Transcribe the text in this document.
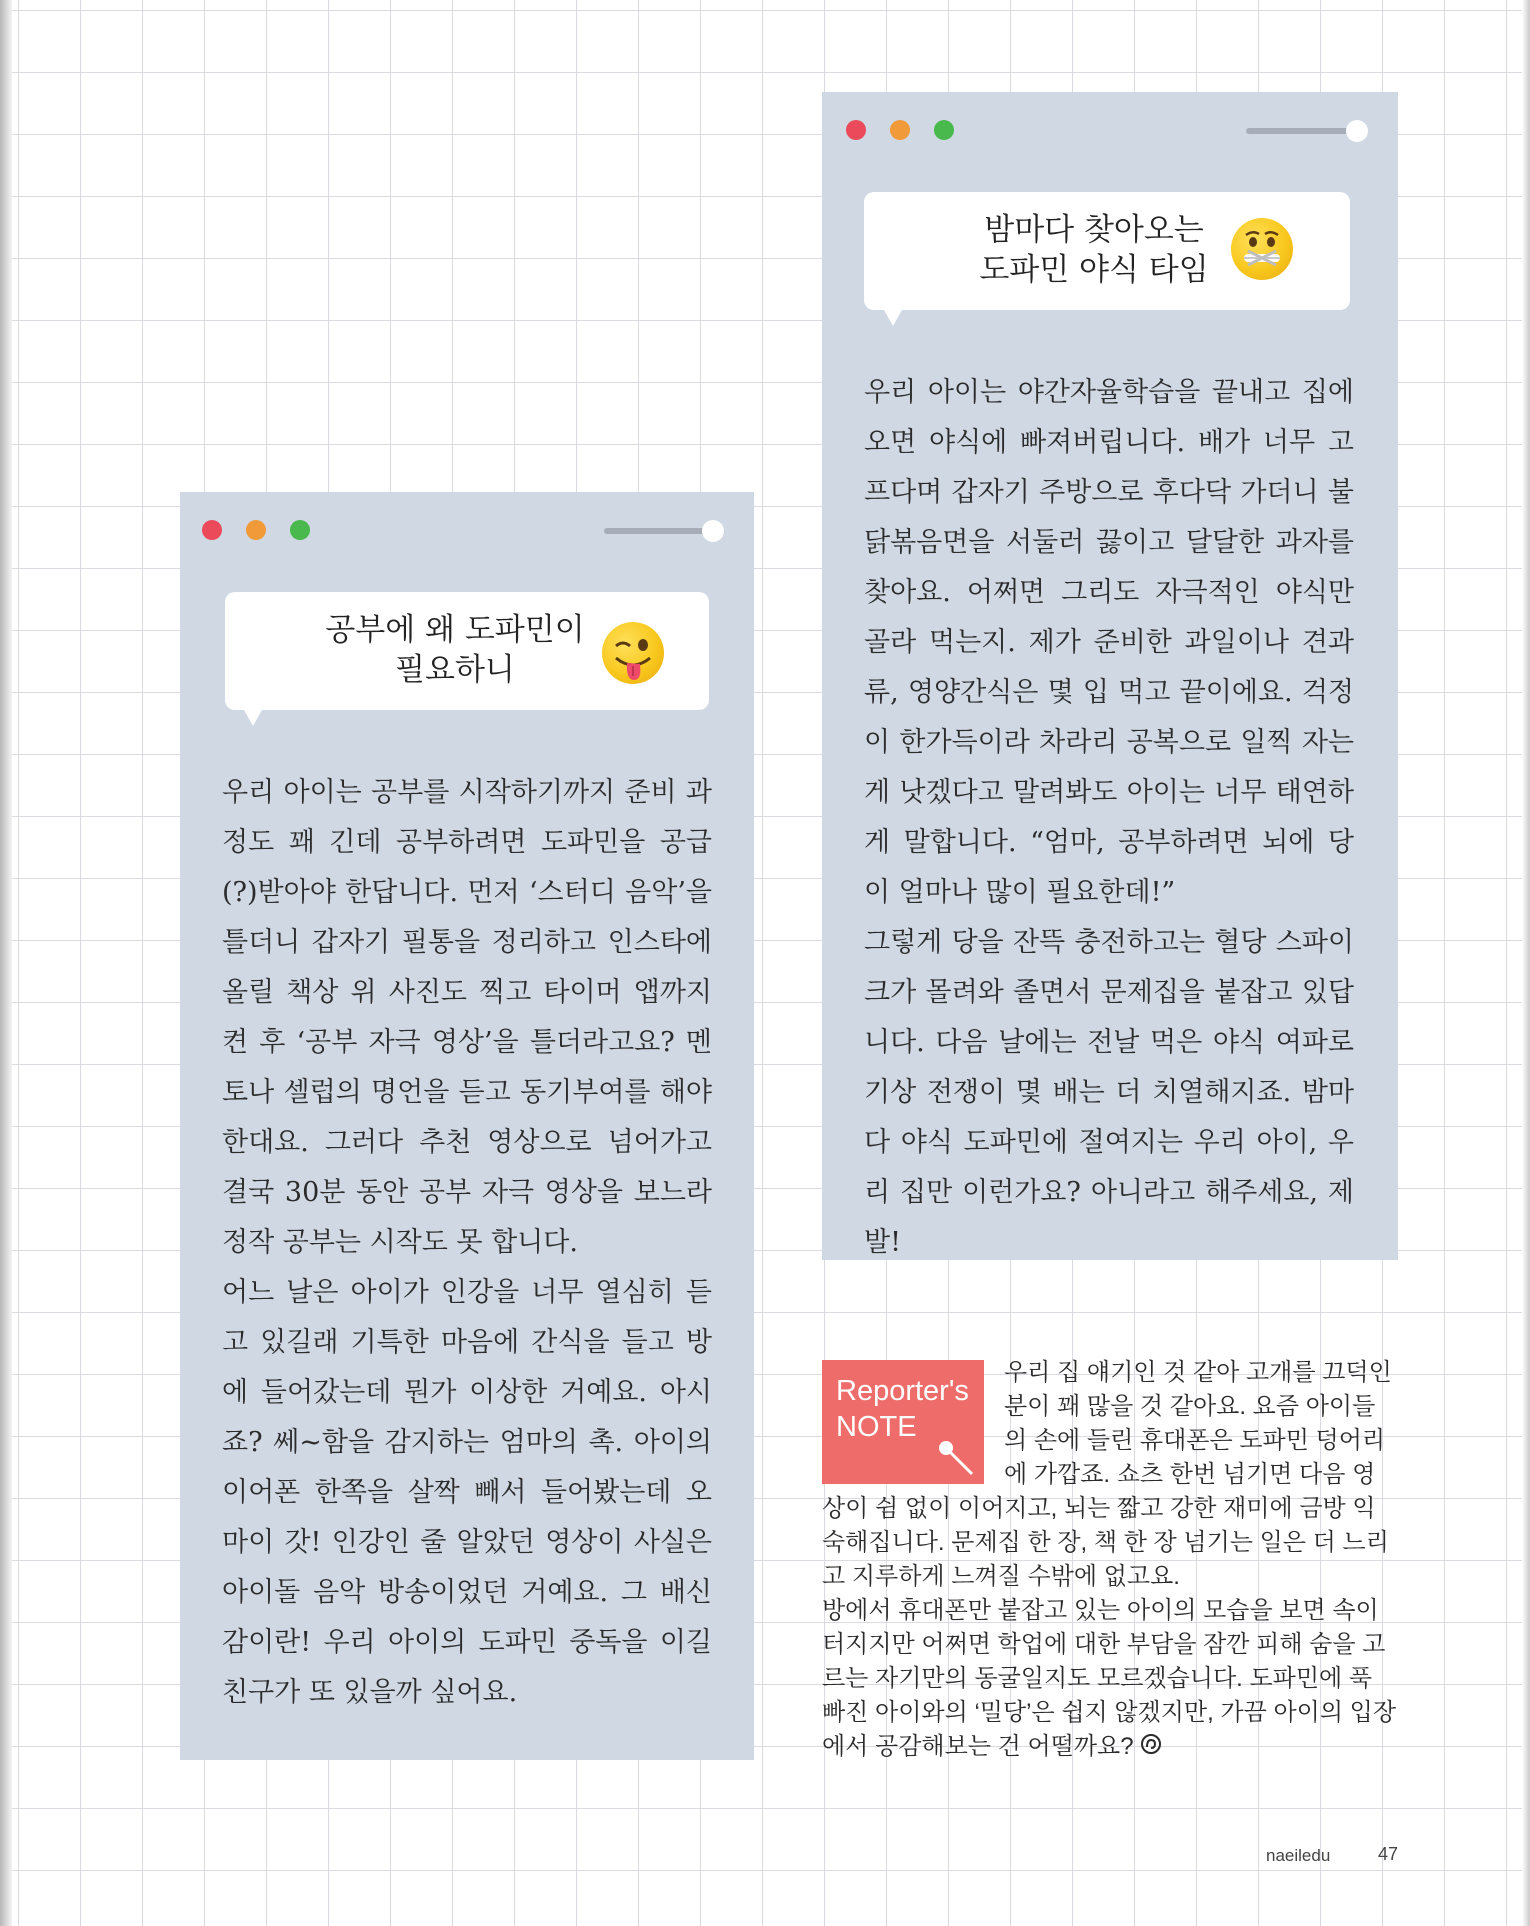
밤마다 찾아오는
도파민 야식 타임

우리 아이는 야간자율학습을 끝내고 집에 오면 야식에 빠져버립니다. 배가 너무 고프다며 갑자기 주방으로 후다닥 가더니 불닭볶음면을 서둘러 끓이고 달달한 과자를 찾아요. 어쩌면 그리도 자극적인 야식만 골라 먹는지. 제가 준비한 과일이나 견과류, 영양간식은 몇 입 먹고 끝이에요. 걱정이 한가득이라 차라리 공복으로 일찍 자는 게 낫겠다고 말려봐도 아이는 너무 태연하게 말합니다. “엄마, 공부하려면 뇌에 당이 얼마나 많이 필요한데!”

그렇게 당을 잔뜩 충전하고는 혈당 스파이크가 몰려와 졸면서 문제집을 붙잡고 있답니다. 다음 날에는 전날 먹은 야식 여파로 기상 전쟁이 몇 배는 더 치열해지죠. 밤마다 야식 도파민에 절여지는 우리 아이, 우리 집만 이런가요? 아니라고 해주세요, 제발!

공부에 왜 도파민이
필요하니

우리 아이는 공부를 시작하기까지 준비 과정도 꽤 긴데 공부하려면 도파민을 공급(?)받아야 한답니다. 먼저 ‘스터디 음악’을 틀더니 갑자기 필통을 정리하고 인스타에 올릴 책상 위 사진도 찍고 타이머 앱까지 켠 후 ‘공부 자극 영상’을 틀더라고요? 멘토나 셀럽의 명언을 듣고 동기부여를 해야 한대요. 그러다 추천 영상으로 넘어가고 결국 30분 동안 공부 자극 영상을 보느라 정작 공부는 시작도 못 합니다.

어느 날은 아이가 인강을 너무 열심히 듣고 있길래 기특한 마음에 간식을 들고 방에 들어갔는데 뭔가 이상한 거예요. 아시죠? 쎄~함을 감지하는 엄마의 촉. 아이의 이어폰 한쪽을 살짝 빼서 들어봤는데 오 마이 갓! 인강인 줄 알았던 영상이 사실은 아이돌 음악 방송이었던 거예요. 그 배신감이란! 우리 아이의 도파민 중독을 이길 친구가 또 있을까 싶어요.

Reporter's
NOTE

우리 집 얘기인 것 같아 고개를 끄덕인 분이 꽤 많을 것 같아요. 요즘 아이들의 손에 들린 휴대폰은 도파민 덩어리에 가깝죠. 쇼츠 한번 넘기면 다음 영상이 쉼 없이 이어지고, 뇌는 짧고 강한 재미에 금방 익숙해집니다. 문제집 한 장, 책 한 장 넘기는 일은 더 느리고 지루하게 느껴질 수밖에 없고요.

방에서 휴대폰만 붙잡고 있는 아이의 모습을 보면 속이 터지지만 어쩌면 학업에 대한 부담을 잠깐 피해 숨을 고르는 자기만의 동굴일지도 모르겠습니다. 도파민에 푹 빠진 아이와의 ‘밀당’은 쉽지 않겠지만, 가끔 아이의 입장에서 공감해보는 건 어떨까요?

naeiledu	47
